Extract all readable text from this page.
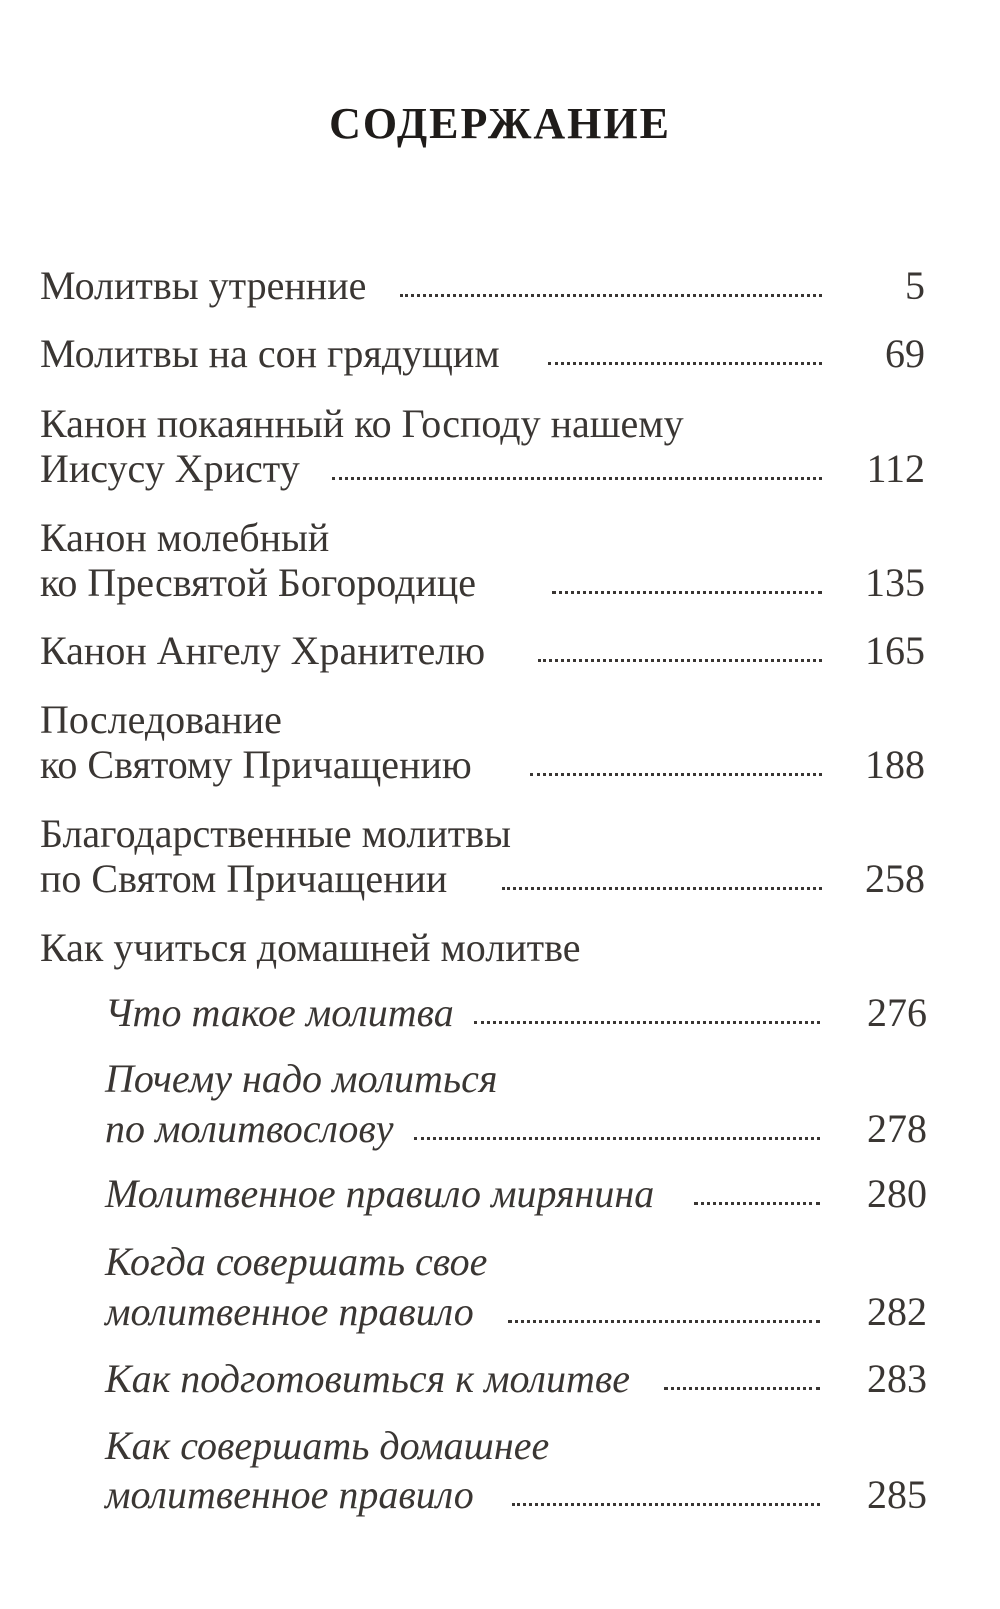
СОДЕРЖАНИЕ
Молитвы утренние	5
Молитвы на сон грядущим	69
Канон покаянный ко Господу нашему
Иисусу Христу	112
Канон молебный
ко Пресвятой Богородице	135
Канон Ангелу Хранителю	165
Последование
ко Святому Причащению	188
Благодарственные молитвы
по Святом Причащении	258
Как учиться домашней молитве
Что такое молитва	276
Почему надо молиться
по молитвослову	278
Молитвенное правило мирянина	280
Когда совершать свое
молитвенное правило	282
Как подготовиться к молитве	283
Как совершать домашнее
молитвенное правило	285
